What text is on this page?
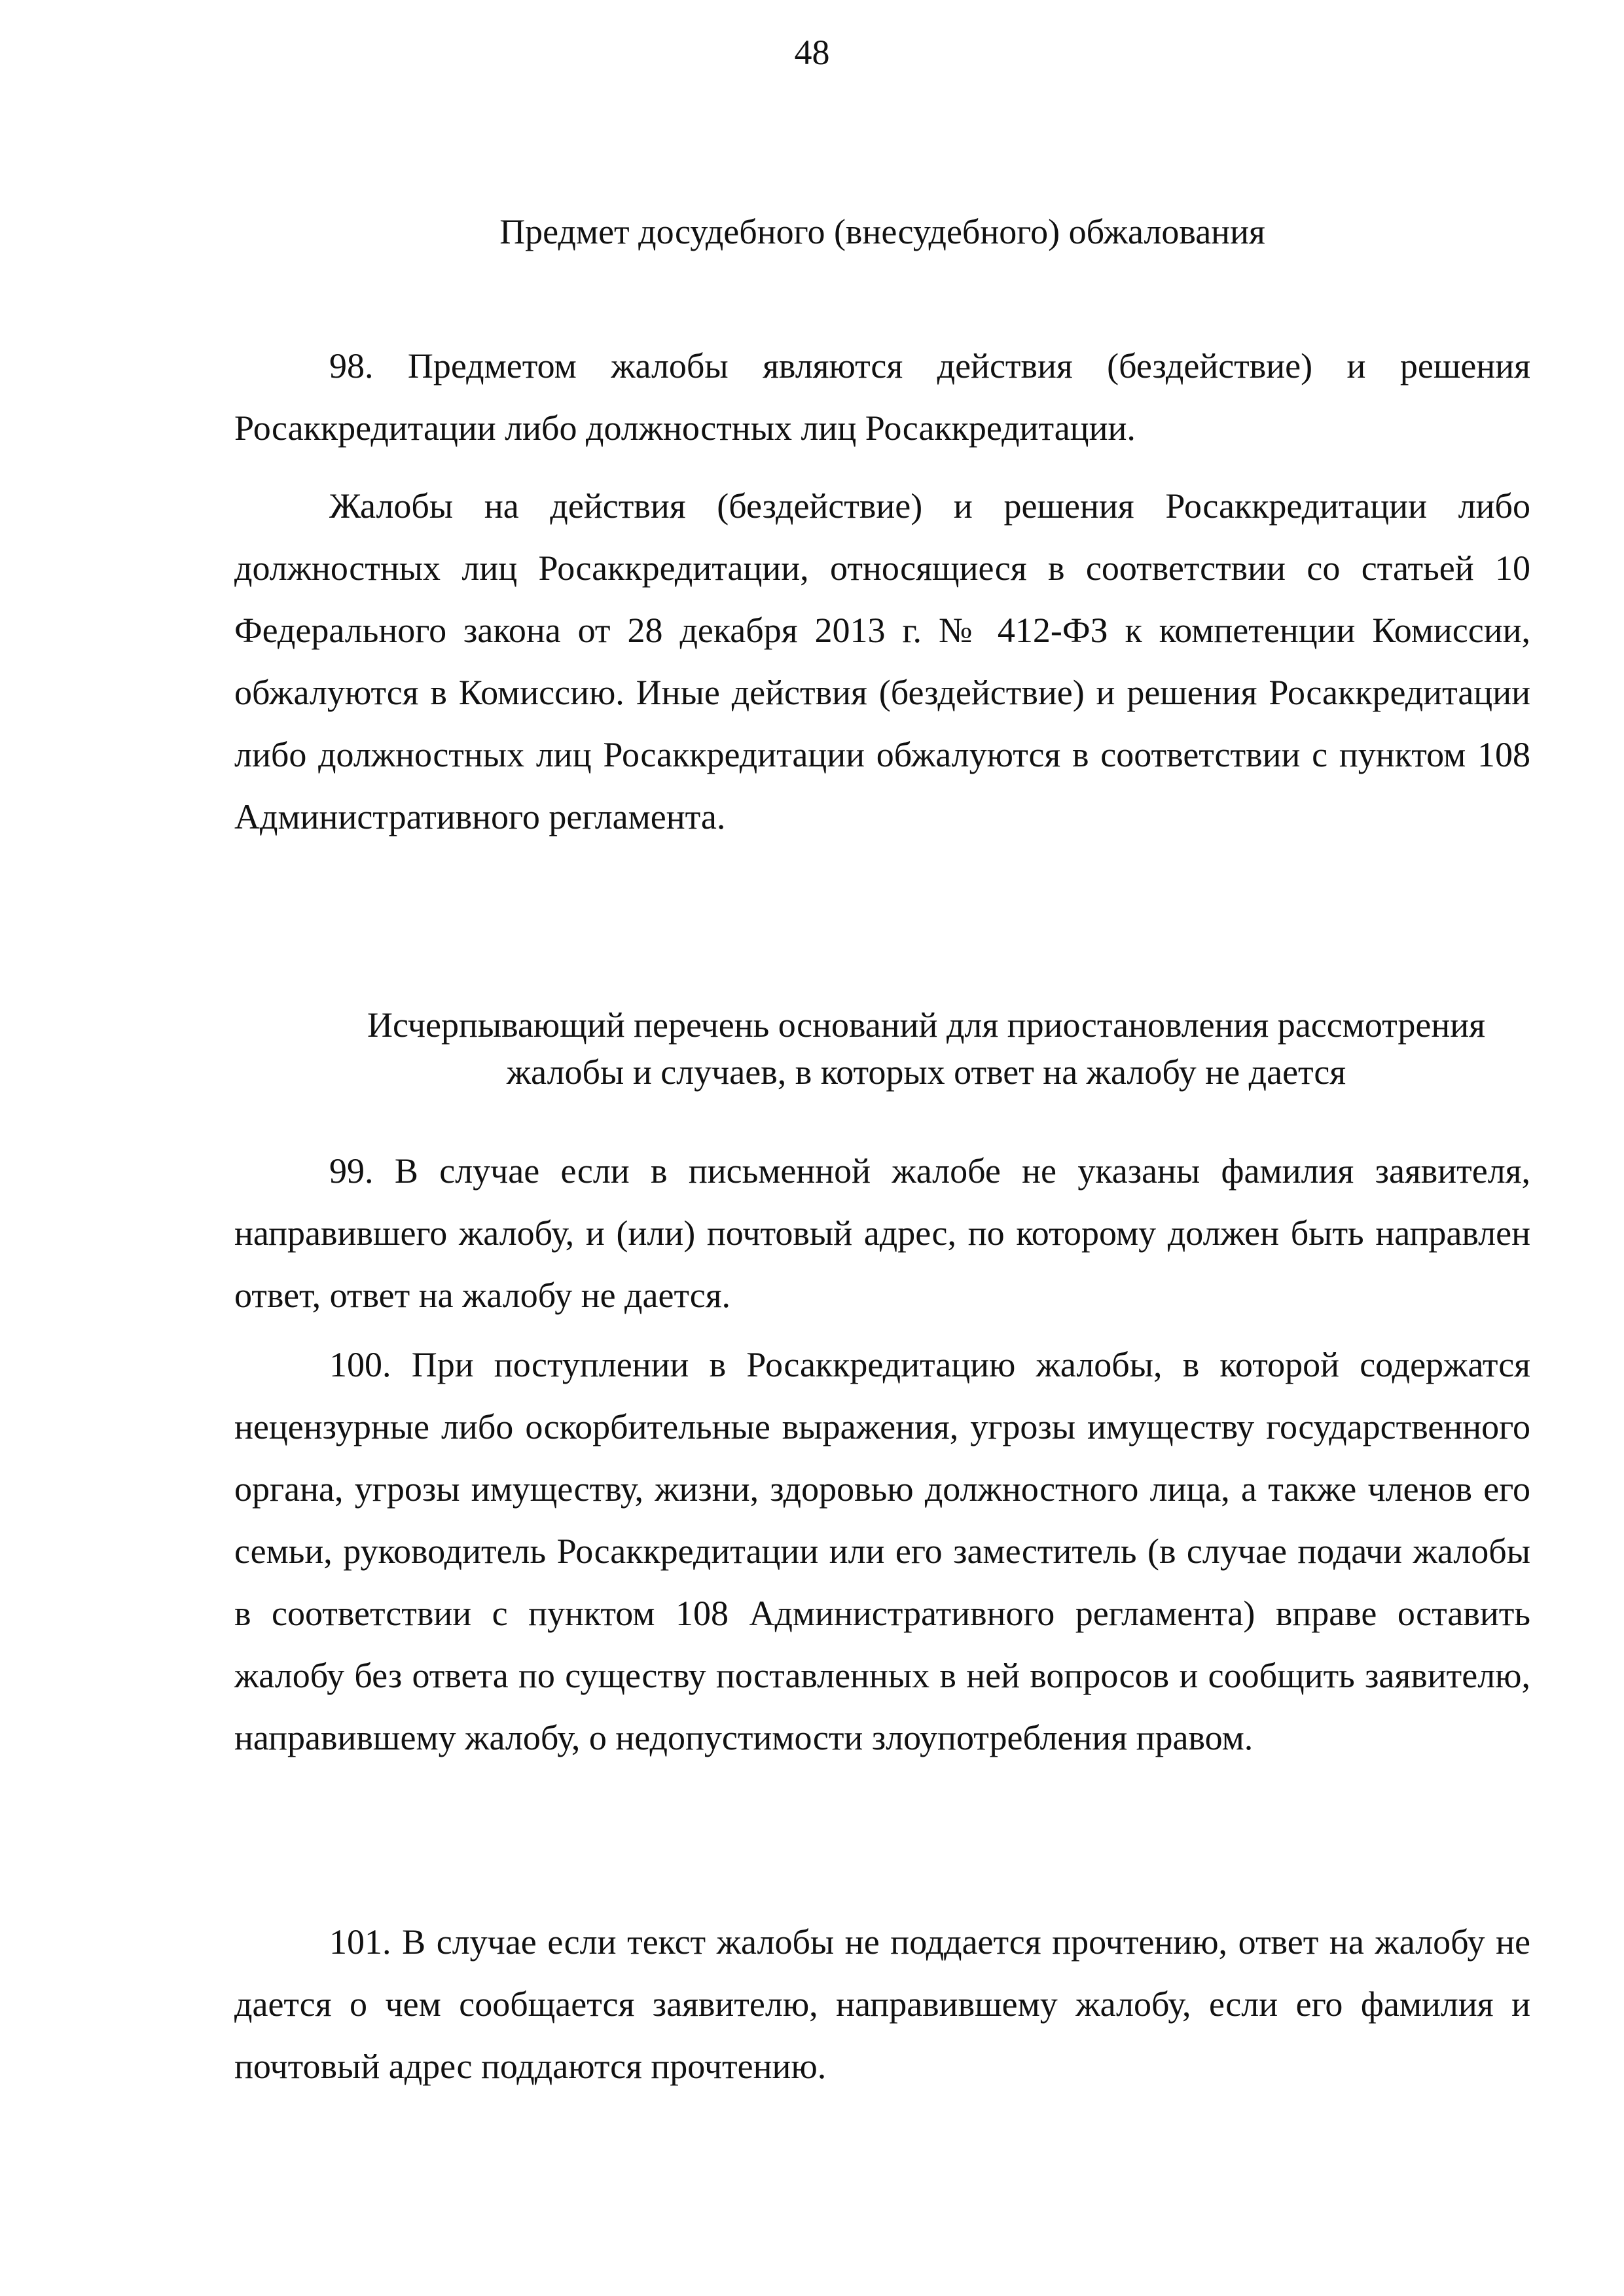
48
Предмет досудебного (внесудебного) обжалования

98. Предметом жалобы являются действия (бездействие) и решения Росаккредитации либо должностных лиц Росаккредитации.

Жалобы на действия (бездействие) и решения Росаккредитации либо должностных лиц Росаккредитации, относящиеся в соответствии со статьей 10 Федерального закона от 28 декабря 2013 г. № 412-ФЗ к компетенции Комиссии, обжалуются в Комиссию. Иные действия (бездействие) и решения Росаккредитации либо должностных лиц Росаккредитации обжалуются в соответствии с пунктом 108 Административного регламента.

Исчерпывающий перечень оснований для приостановления рассмотрения жалобы и случаев, в которых ответ на жалобу не дается

99. В случае если в письменной жалобе не указаны фамилия заявителя, направившего жалобу, и (или) почтовый адрес, по которому должен быть направлен ответ, ответ на жалобу не дается.

100. При поступлении в Росаккредитацию жалобы, в которой содержатся нецензурные либо оскорбительные выражения, угрозы имуществу государственного органа, угрозы имуществу, жизни, здоровью должностного лица, а также членов его семьи, руководитель Росаккредитации или его заместитель (в случае подачи жалобы в соответствии с пунктом 108 Административного регламента) вправе оставить жалобу без ответа по существу поставленных в ней вопросов и сообщить заявителю, направившему жалобу, о недопустимости злоупотребления правом.

101. В случае если текст жалобы не поддается прочтению, ответ на жалобу не дается о чем сообщается заявителю, направившему жалобу, если его фамилия и почтовый адрес поддаются прочтению.
